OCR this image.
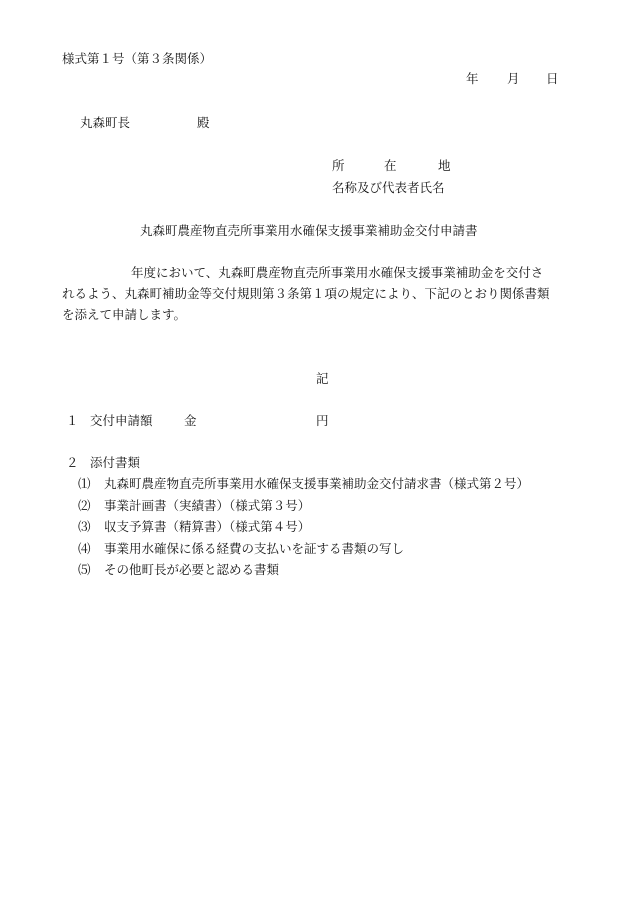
様式第１号（第３条関係）
年 月 日
丸森町長	殿
所	在	地
名称及び代表者氏名
丸森町農産物直売所事業用水確保支援事業補助金交付申請書
年度において、丸森町農産物直売所事業用水確保支援事業補助金を交付さ
れるよう、丸森町補助金等交付規則第３条第１項の規定により、下記のとおり関係書類
を添えて申請します。
記
１ 交付申請額	金	円
２ 添付書類
⑴ 丸森町農産物直売所事業用水確保支援事業補助金交付請求書（様式第２号）
⑵ 事業計画書（実績書）（様式第３号）
⑶ 収支予算書（精算書）（様式第４号）
⑷ 事業用水確保に係る経費の支払いを証する書類の写し
⑸ その他町長が必要と認める書類
